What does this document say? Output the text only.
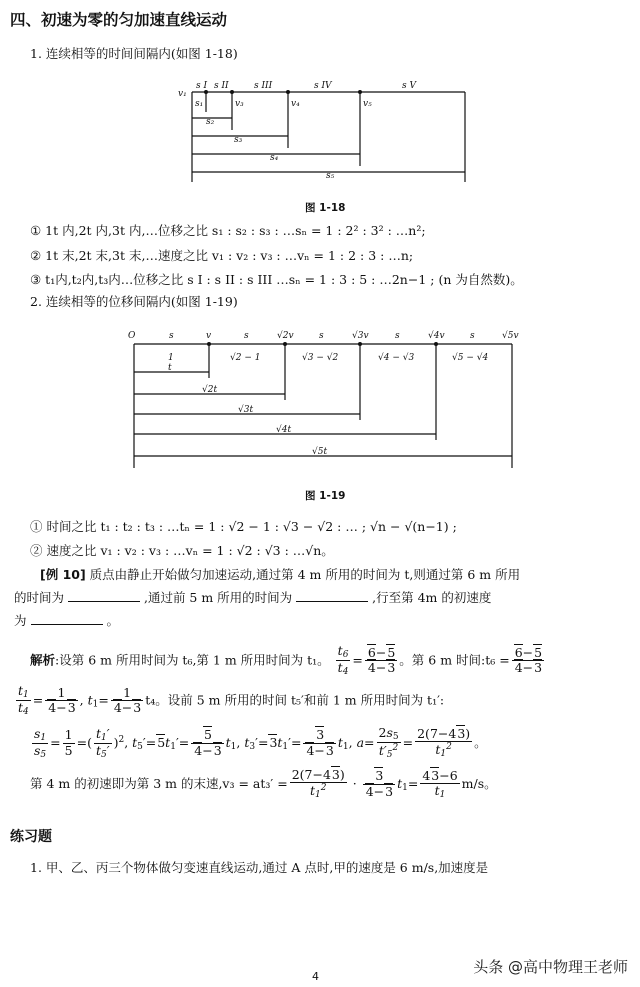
四、初速为零的匀加速直线运动
1. 连续相等的时间间隔内(如图 1-18)
v₁
s I s II	s III	s IV	s V
s₁	v₃	v₄	v₅
s₂
s₃
s₄
s₅
图 1-18
① 1t 内,2t 内,3t 内,…位移之比 s₁ : s₂ : s₃ : …sₙ = 1 : 2² : 3² : …n²;
② 1t 末,2t 末,3t 末,…速度之比 v₁ : v₂ : v₃ : …vₙ = 1 : 2 : 3 : …n;
③ t₁内,t₂内,t₃内…位移之比 s I : s II : s III …sₙ = 1 : 3 : 5 : …2n−1 ; (n 为自然数)。
2. 连续相等的位移间隔内(如图 1-19)
O	s	v	s	√2v	s	√3v	s	√4v	s	√5v
1	√2 − 1	√3 − √2	√4 − √3	√5 − √4
t
√2t
√3t
√4t
√5t
图 1-19
① 时间之比 t₁ : t₂ : t₃ : …tₙ = 1 : √2 − 1 : √3 − √2 : … ; √n − √(n−1) ;
② 速度之比 v₁ : v₂ : v₃ : …vₙ = 1 : √2 : √3 : …√n。
[例 10] 质点由静止开始做匀加速运动,通过第 4 m 所用的时间为 t,则通过第 6 m 所用
的时间为	,通过前 5 m 所用的时间为	,行至第 4m 的初速度
为	。
解析:设第 6 m 所用时间为 t₆,第 1 m 所用时间为 t₁。 $\frac{t_6}{t_4} = \frac{6-5}{4-3}$ 。第 6 m 时间:t₆ = $\frac{6-5}{4-3}$
$\frac{t_1}{t_4} = \frac{1}{4-3}$ , $t_1= \frac{1}{4-3} t_4$。设前 5 m 所用的时间 t₅′和前 1 m 所用时间为 t₁′:
$\frac{s_1}{s_5} = \frac{1}{5}$ =( $\frac{t_1'}{t_5'} )^2$, $t_5'=5t_1'= \frac{5}{4-3} t_1$, $t_3'=3t_1'= \frac{3}{4-3} t_1$, $a= \frac{2s_5}{t'_5^2} = \frac{2(7-43)}{t_1^2}$ 。
第 4 m 的初速即为第 3 m 的末速$,v_3 = at_3' = \frac{2(7-43)}{t_1^2} \cdot \frac{3}{4-3} t_1= \frac{43-6}{t_1} m/s$。
练习题
1. 甲、乙、丙三个物体做匀变速直线运动,通过 A 点时,甲的速度是 6 m/s,加速度是
4
头条 @高中物理王老师
